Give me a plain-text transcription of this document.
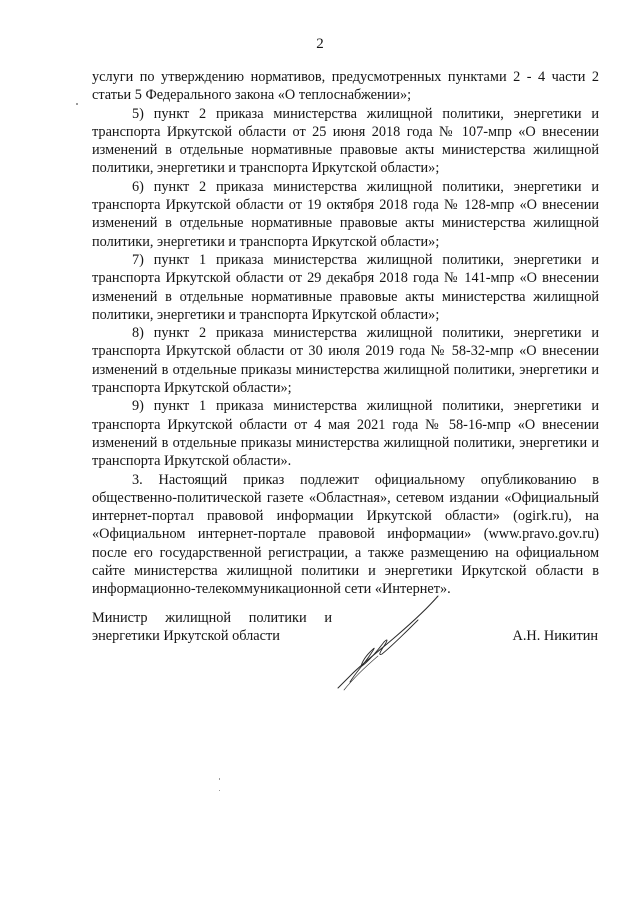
2

услуги по утверждению нормативов, предусмотренных пунктами 2 - 4 части 2 статьи 5 Федерального закона «О теплоснабжении»;

5) пункт 2 приказа министерства жилищной политики, энергетики и транспорта Иркутской области от 25 июня 2018 года № 107-мпр «О внесении изменений в отдельные нормативные правовые акты министерства жилищной политики, энергетики и транспорта Иркутской области»;

6) пункт 2 приказа министерства жилищной политики, энергетики и транспорта Иркутской области от 19 октября 2018 года № 128-мпр «О внесении изменений в отдельные нормативные правовые акты министерства жилищной политики, энергетики и транспорта Иркутской области»;

7) пункт 1 приказа министерства жилищной политики, энергетики и транспорта Иркутской области от 29 декабря 2018 года № 141-мпр «О внесении изменений в отдельные нормативные правовые акты министерства жилищной политики, энергетики и транспорта Иркутской области»;

8) пункт 2 приказа министерства жилищной политики, энергетики и транспорта Иркутской области от 30 июля 2019 года № 58-32-мпр «О внесении изменений в отдельные приказы министерства жилищной политики, энергетики и транспорта Иркутской области»;

9) пункт 1 приказа министерства жилищной политики, энергетики и транспорта Иркутской области от 4 мая 2021 года № 58-16-мпр «О внесении изменений в отдельные приказы министерства жилищной политики, энергетики и транспорта Иркутской области».

3. Настоящий приказ подлежит официальному опубликованию в общественно-политической газете «Областная», сетевом издании «Официальный интернет-портал правовой информации Иркутской области» (ogirk.ru), на «Официальном интернет-портале правовой информации» (www.pravo.gov.ru) после его государственной регистрации, а также размещению на официальном сайте министерства жилищной политики и энергетики Иркутской области в информационно-телекоммуникационной сети «Интернет».

Министр жилищной политики и энергетики Иркутской области	А.Н. Никитин
